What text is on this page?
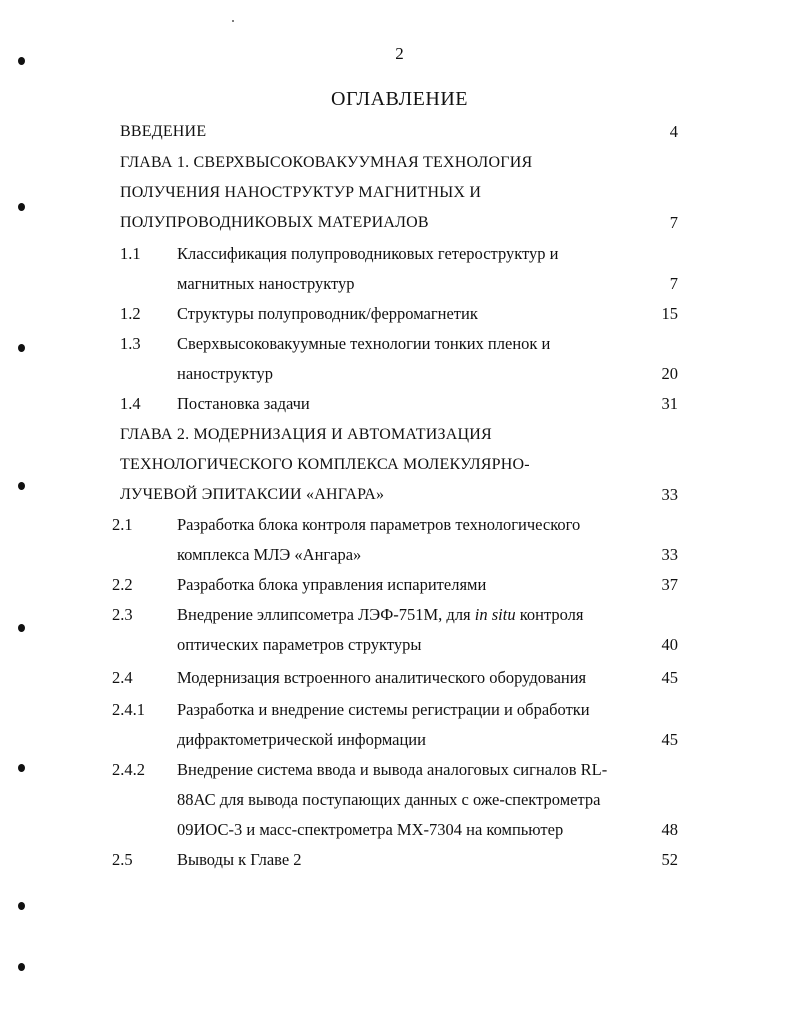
2
ОГЛАВЛЕНИЕ
ВВЕДЕНИЕ	4
ГЛАВА 1. СВЕРХВЫСОКОВАКУУМНАЯ ТЕХНОЛОГИЯ
ПОЛУЧЕНИЯ НАНОСТРУКТУР МАГНИТНЫХ И
ПОЛУПРОВОДНИКОВЫХ МАТЕРИАЛОВ	7
1.1 Классификация полупроводниковых гетероструктур и
магнитных наноструктур	7
1.2 Структуры полупроводник/ферромагнетик	15
1.3 Сверхвысоковакуумные технологии тонких пленок и
наноструктур	20
1.4 Постановка задачи	31
ГЛАВА 2. МОДЕРНИЗАЦИЯ И АВТОМАТИЗАЦИЯ
ТЕХНОЛОГИЧЕСКОГО КОМПЛЕКСА МОЛЕКУЛЯРНО-
ЛУЧЕВОЙ ЭПИТАКСИИ «АНГАРА»	33
2.1	Разработка блока контроля параметров технологического
комплекса МЛЭ «Ангара»	33
2.2	Разработка блока управления испарителями	37
2.3	Внедрение эллипсометра ЛЭФ-751М, для in situ контроля
оптических параметров структуры	40
2.4	Модернизация встроенного аналитического оборудования	45
2.4.1 Разработка и внедрение системы регистрации и обработки
дифрактометрической информации	45
2.4.2 Внедрение система ввода и вывода аналоговых сигналов RL-
88АС для вывода поступающих данных с оже-спектрометра
09ИОС-3 и масс-спектрометра МХ-7304 на компьютер	48
2.5	Выводы к Главе 2	52
